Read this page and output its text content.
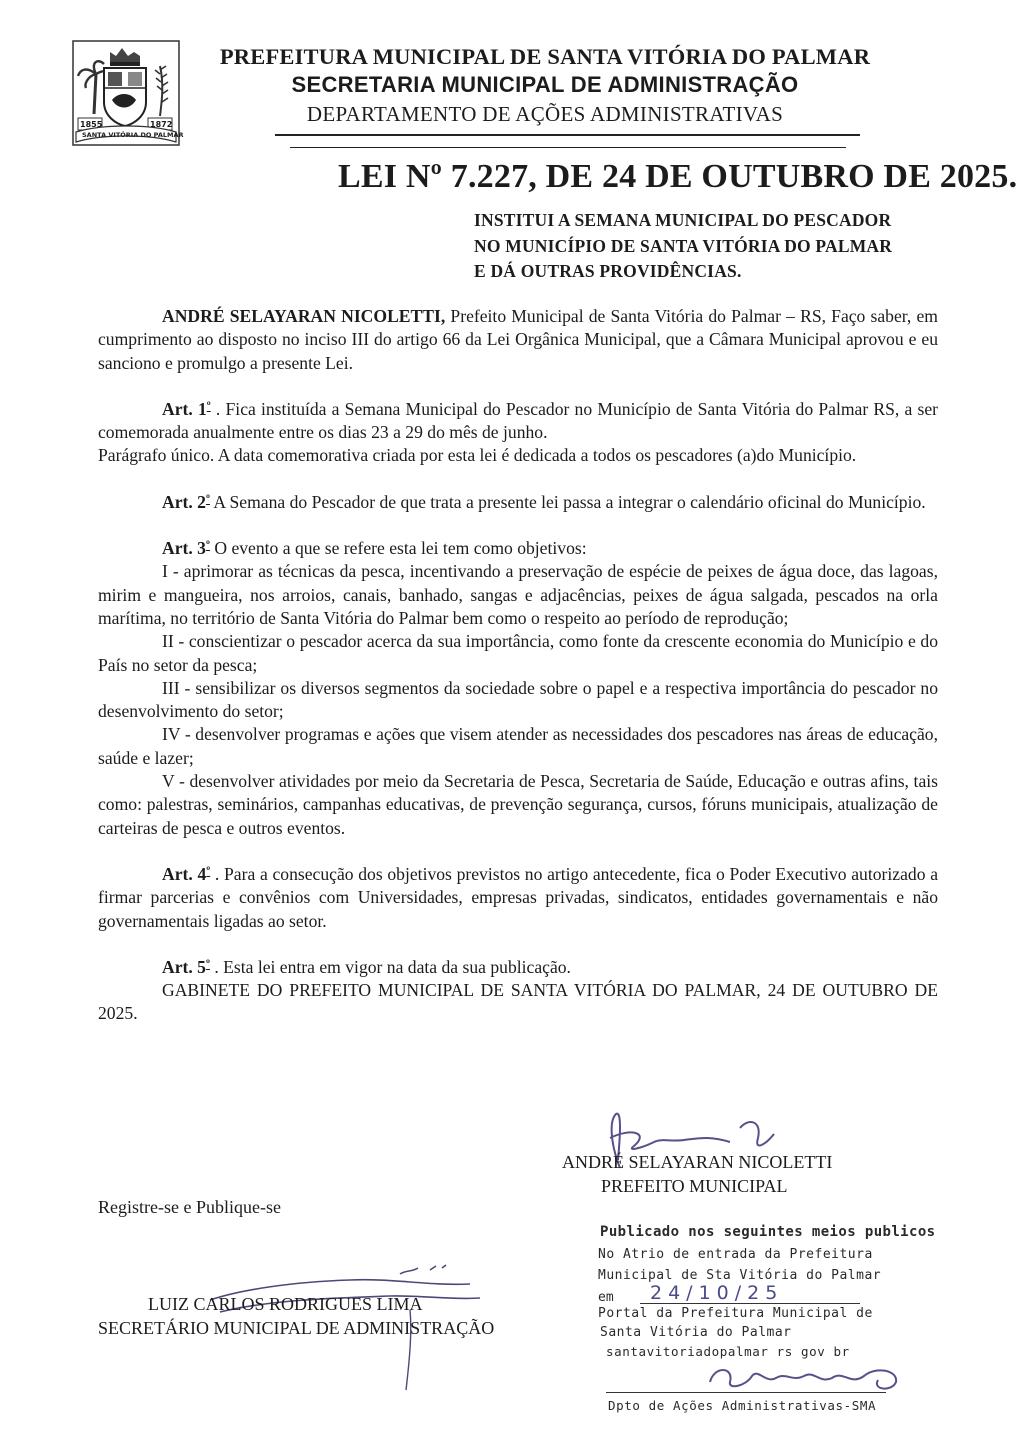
1855	1872
SANTA VITÓRIA DO PALMAR
PREFEITURA MUNICIPAL DE SANTA VITÓRIA DO PALMAR
SECRETARIA MUNICIPAL DE ADMINISTRAÇÃO
DEPARTAMENTO DE AÇÕES ADMINISTRATIVAS
LEI Nº 7.227, DE 24 DE OUTUBRO DE 2025.
INSTITUI A SEMANA MUNICIPAL DO PESCADOR
NO MUNICÍPIO DE SANTA VITÓRIA DO PALMAR
E DÁ OUTRAS PROVIDÊNCIAS.

ANDRÉ SELAYARAN NICOLETTI, Prefeito Municipal de Santa Vitória do Palmar – RS, Faço saber, em cumprimento ao disposto no inciso III do artigo 66 da Lei Orgânica Municipal, que a Câmara Municipal aprovou e eu sanciono e promulgo a presente Lei.

Art. $1^º$ . Fica instituída a Semana Municipal do Pescador no Município de Santa Vitória do Palmar RS, a ser comemorada anualmente entre os dias 23 a 29 do mês de junho.

Parágrafo único. A data comemorativa criada por esta lei é dedicada a todos os pescadores (a)do Município.

Art. $2^º$ A Semana do Pescador de que trata a presente lei passa a integrar o calendário oficinal do Município.

Art. $3^º$ O evento a que se refere esta lei tem como objetivos:

I - aprimorar as técnicas da pesca, incentivando a preservação de espécie de peixes de água doce, das lagoas, mirim e mangueira, nos arroios, canais, banhado, sangas e adjacências, peixes de água salgada, pescados na orla marítima, no território de Santa Vitória do Palmar bem como o respeito ao período de reprodução;

II - conscientizar o pescador acerca da sua importância, como fonte da crescente economia do Município e do País no setor da pesca;

III - sensibilizar os diversos segmentos da sociedade sobre o papel e a respectiva importância do pescador no desenvolvimento do setor;

IV - desenvolver programas e ações que visem atender as necessidades dos pescadores nas áreas de educação, saúde e lazer;

V - desenvolver atividades por meio da Secretaria de Pesca, Secretaria de Saúde, Educação e outras afins, tais como: palestras, seminários, campanhas educativas, de prevenção segurança, cursos, fóruns municipais, atualização de carteiras de pesca e outros eventos.

Art. $4^º$ . Para a consecução dos objetivos previstos no artigo antecedente, fica o Poder Executivo autorizado a firmar parcerias e convênios com Universidades, empresas privadas, sindicatos, entidades governamentais e não governamentais ligadas ao setor.

Art. $5^º$ . Esta lei entra em vigor na data da sua publicação.

GABINETE DO PREFEITO MUNICIPAL DE SANTA VITÓRIA DO PALMAR, 24 DE OUTUBRO DE 2025.

ANDRÉ SELAYARAN NICOLETTI
PREFEITO MUNICIPAL
Registre-se e Publique-se
LUIZ CARLOS RODRIGUES LIMA
SECRETÁRIO MUNICIPAL DE ADMINISTRAÇÃO
Publicado nos seguintes meios publicos
No Atrio de entrada da Prefeitura
Municipal de Sta Vitória do Palmar
em 24/10/25
Portal da Prefeitura Municipal de
Santa Vitória do Palmar
santavitoriadopalmar rs gov br
Dpto de Ações Administrativas-SMA
